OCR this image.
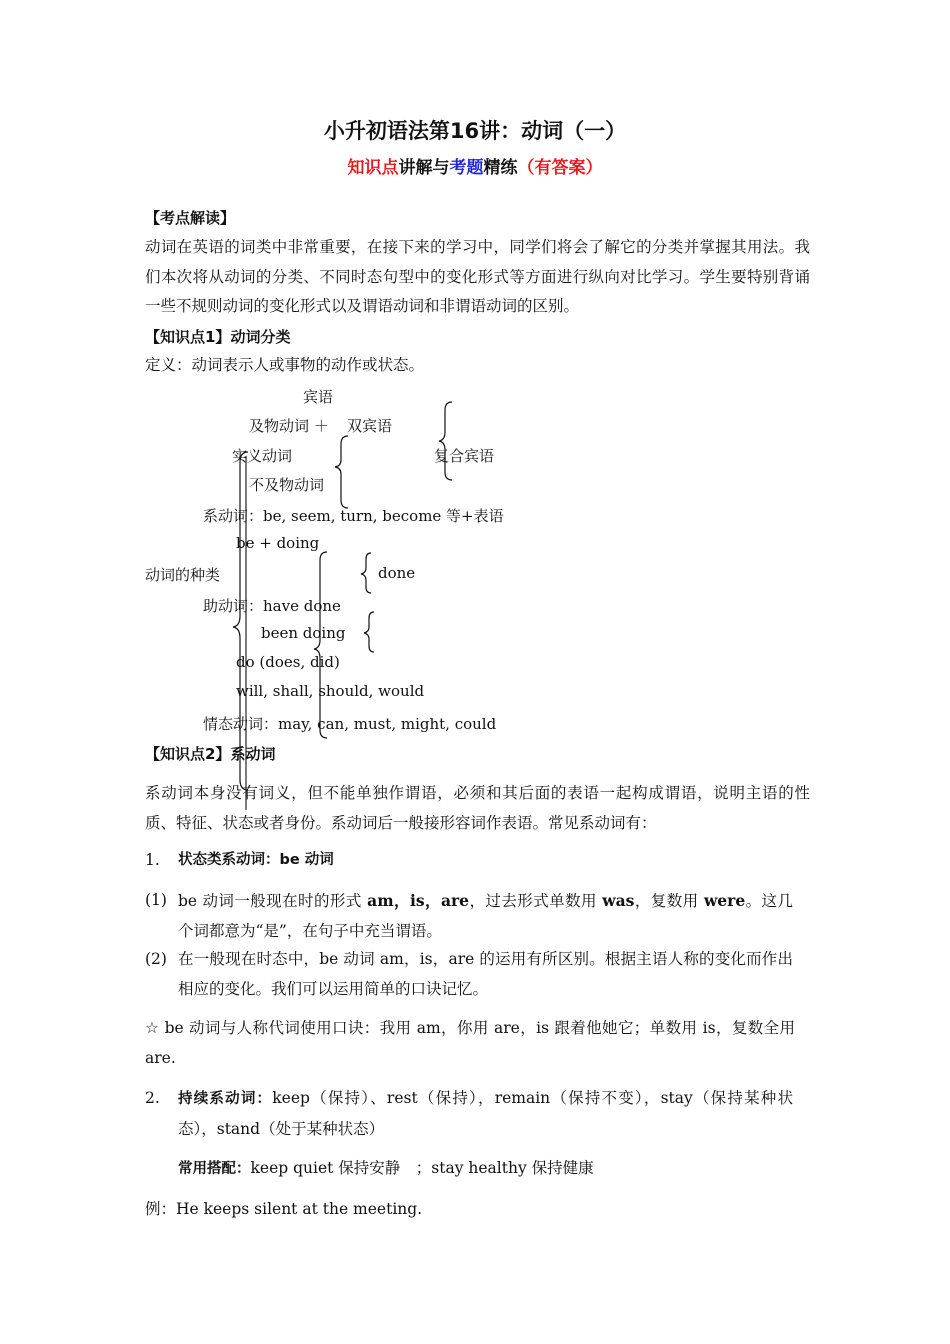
小升初语法第16讲：动词（一）
知识点讲解与考题精练（有答案）
【考点解读】
动词在英语的词类中非常重要，在接下来的学习中，同学们将会了解它的分类并掌握其用法。我们本次将从动词的分类、不同时态句型中的变化形式等方面进行纵向对比学习。学生要特别背诵一些不规则动词的变化形式以及谓语动词和非谓语动词的区别。
【知识点1】动词分类
定义：动词表示人或事物的动作或状态。
宾语
及物动词 ＋ 双宾语
实义动词	复合宾语
不及物动词
系动词：be, seem, turn, become 等+表语
be + doing
动词的种类	done
助动词：have done
been doing
do (does, did)
will, shall, should, would
情态动词：may, can, must, might, could
【知识点2】系动词
系动词本身没有词义，但不能单独作谓语，必须和其后面的表语一起构成谓语，说明主语的性质、特征、状态或者身份。系动词后一般接形容词作表语。常见系动词有：
1. 状态类系动词：be 动词
(1) be 动词一般现在时的形式 am，is，are，过去形式单数用 was，复数用 were。这几个词都意为“是”，在句子中充当谓语。
(2) 在一般现在时态中，be 动词 am，is，are 的运用有所区别。根据主语人称的变化而作出相应的变化。我们可以运用简单的口诀记忆。
☆ be 动词与人称代词使用口诀：我用 am，你用 are，is 跟着他她它；单数用 is，复数全用 are.
2. 持续系动词：keep（保持）、rest（保持），remain（保持不变），stay（保持某种状态），stand（处于某种状态）
常用搭配：keep quiet 保持安静　；stay healthy 保持健康
例：He keeps silent at the meeting.
